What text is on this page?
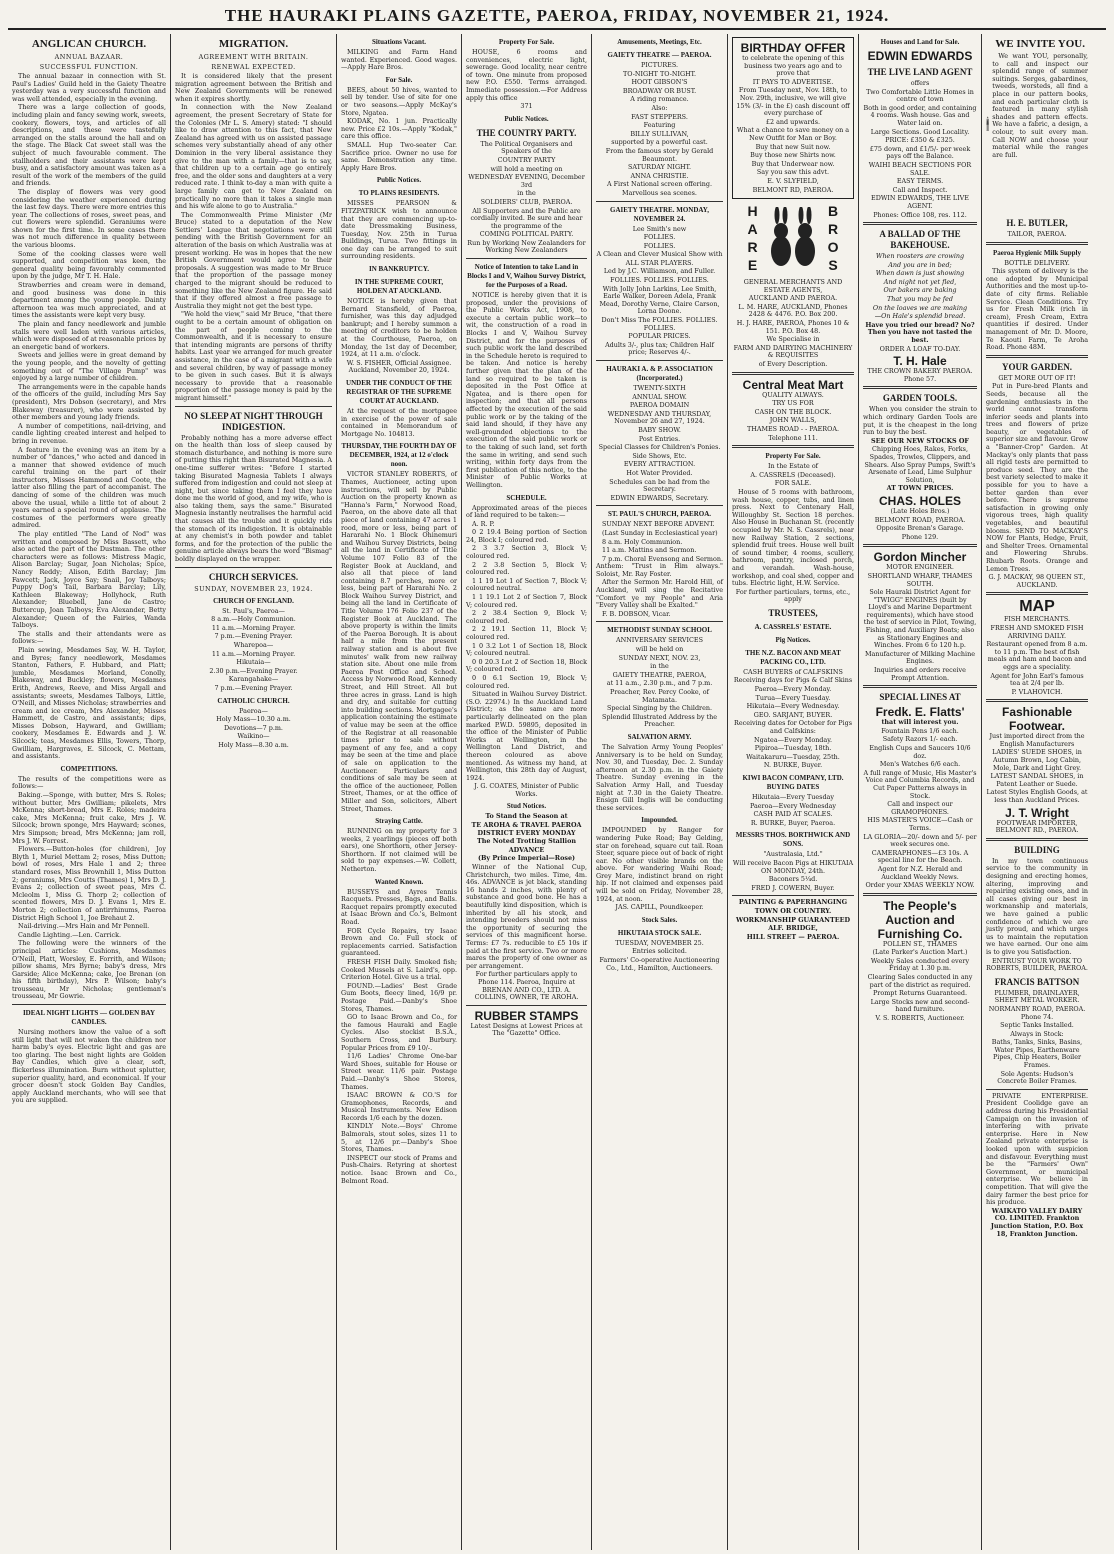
THE HAURAKI PLAINS GAZETTE, PAEROA, FRIDAY, NOVEMBER 21, 1924.
ANGLICAN CHURCH.
ANNUAL BAZAAR.
SUCCESSFUL FUNCTION.

The annual bazaar in connection with St. Paul's Ladies' Guild held in the Gaiety Theatre yesterday was a very successful function and was well attended, especially in the evening.

There was a large collection of goods, including plain and fancy sewing work, sweets, cookery, flowers, toys, and articles of all descriptions, and these were tastefully arranged on the stalls around the hall and on the stage. The Black Cat sweet stall was the subject of much favourable comment. The stallholders and their assistants were kept busy, and a satisfactory amount was taken as a result of the work of the members of the guild and friends.

The display of flowers was very good considering the weather experienced during the last few days. There were more entries this year. The collections of roses, sweet peas, and cut flowers were splendid. Geraniums were shown for the first time. In some cases there was not much difference in quality between the various blooms.

Some of the cooking classes were well supported, and competition was keen, the general quality being favourably commented upon by the judge, Mr T. H. Hale.

Strawberries and cream were in demand, and good business was done in this department among the young people. Dainty afternoon tea was much appreciated, and at times the assistants were kept very busy.

The plain and fancy needlework and jumble stalls were well laden with various articles, which were disposed of at reasonable prices by an energetic band of workers.

Sweets and jellies were in great demand by the young people, and the novelty of getting something out of "The Village Pump" was enjoyed by a large number of children.

The arrangements were in the capable hands of the officers of the guild, including Mrs Say (president), Mrs Dobson (secretary), and Mrs Blakeway (treasurer), who were assisted by other members and young lady friends.

A number of competitions, nail-driving, and candle lighting created interest and helped to bring in revenue.

A feature in the evening was an item by a number of "dances," who acted and danced in a manner that showed evidence of much careful training on the part of their instructors, Misses Hammond and Coote, the latter also filling the part of accompanist. The dancing of some of the children was much above the usual, while a little tot of about 2 years earned a special round of applause. The costumes of the performers were greatly admired.

The play entitled "The Land of Nod" was written and composed by Miss Bassett, who also acted the part of the Dustman. The other characters were as follows: Mistress Magic, Alison Barclay; Sugar, Joan Nicholas; Spice, Nancy Reddy; Alison, Edith Barclay; Jim Fawcett; Jack, Joyce Say; Snail, Joy Talboys; Puppy Dog's Tail, Barbara Barclay; Lily, Kathleen Blakeway; Hollyhock, Ruth Alexander; Bluebell, Jane de Castro; Buttercup, Joan Talboys; Eva Alexander, Betty Alexander; Queen of the Fairies, Wanda Talboys.

The stalls and their attendants were as follows:—

Plain sewing, Mesdames Say, W. H. Taylor, and Byres; fancy needlework, Mesdames Stanton, Fathers, F. Hubbard, and Platt; jumble, Mesdames Morland, Conolly, Blakeway, and Buckley; flowers, Mesdames Erith, Andrews, Reeve, and Miss Argall and assistants; sweets, Mesdames Talboys, Little, O'Neill, and Misses Nicholas; strawberries and cream and ice cream, Mrs Alexander, Misses Hammett, de Castro, and assistants; dips, Misses Dobson, Hayward, and Gwilliam; cookery, Mesdames E. Edwards and J. W. Silcock; teas, Mesdames Ellis, Towers, Thorp, Gwilliam, Hargraves, E. Silcock, C. Mettam, and assistants.

COMPETITIONS.

The results of the competitions were as follows:—

Baking.—Sponge, with butter, Mrs S. Roles; without butter, Mrs Gwilliam; pikelets, Mrs McKenna; short-bread, Mrs E. Roles; madeira cake, Mrs McKenna; fruit cake, Mrs J. W. Silcock; brown sponge, Mrs Hayward; scones, Mrs Simpson; bread, Mrs McKenna; jam roll, Mrs J. W. Forrest.

Flowers.—Button-holes (for children), Joy Blyth 1, Muriel Mettam 2; roses, Miss Dutton; bowl of roses, Mrs Hale 1 and 2; three standard roses, Miss Brownhill 1, Miss Dutton 2; geraniums, Mrs Coutts (Thames) 1, Mrs D. J. Evans 2; collection of sweet peas, Mrs C. Mcleolm 1, Miss G. Thorp 2; collection of scented flowers, Mrs D. J. Evans 1, Mrs E. Morton 2; collection of antirrhinums, Paeroa District High School 1, Joe Brehaut 2.

Nail-driving.—Mrs Hain and Mr Pennell.

Candle Lighting.—Len. Carrick.

The following were the winners of the principal articles: Cushions, Mesdames O'Neill, Platt, Worsley, E. Forrith, and Wilson; pillow shams, Mrs Byrne; baby's dress, Mrs Garside; Alice McKenna; cake, Joe Brenan (on his fifth birthday), Mrs P. Wilson; baby's trousseau, Mr Nicholas; gentleman's trousseau, Mr Gowrie.

IDEAL NIGHT LIGHTS — GOLDEN BAY CANDLES.

Nursing mothers know the value of a soft still light that will not waken the children nor harm baby's eyes. Electric light and gas are too glaring. The best night lights are Golden Bay Candles, which give a clear, soft, flickerless illumination. Burn without splutter, superior quality, hard, and economical. If your grocer doesn't stock Golden Bay Candles, apply Auckland merchants, who will see that you are supplied.

MIGRATION.
AGREEMENT WITH BRITAIN.
RENEWAL EXPECTED.

It is considered likely that the present migration agreement between the British and New Zealand Governments will be renewed when it expires shortly.

In connection with the New Zealand agreement, the present Secretary of State for the Colonies (Mr L. S. Amery) stated: "I should like to draw attention to this fact, that New Zealand has agreed with us on assisted passage schemes very substantially ahead of any other Dominion in the very liberal assistance they give to the man with a family—that is to say, that children up to a certain age go entirely free, and the older sons and daughters at a very reduced rate. I think to-day a man with quite a large family can get to New Zealand on practically no more than it takes a single man and his wife alone to go to Australia."

The Commonwealth Prime Minister (Mr Bruce) stated to a deputation of the New Settlers' League that negotiations were still pending with the British Government for an alteration of the basis on which Australia was at present working. He was in hopes that the new British Government would agree to their proposals. A suggestion was made to Mr Bruce that the proportion of the passage money charged to the migrant should be reduced to something like the New Zealand figure. He said that if they offered almost a free passage to Australia they might not get the best type.

"We hold the view," said Mr Bruce, "that there ought to be a certain amount of obligation on the part of people coming to the Commonwealth, and it is necessary to ensure that intending migrants are persons of thrifty habits. Last year we arranged for much greater assistance, in the case of a migrant with a wife and several children, by way of passage money to be given in such cases. But it is always necessary to provide that a reasonable proportion of the passage money is paid by the migrant himself."

NO SLEEP AT NIGHT THROUGH INDIGESTION.

Probably nothing has a more adverse effect on the health than loss of sleep caused by stomach disturbance, and nothing is more sure of putting this right than Bisurated Magnesia. A one-time sufferer writes: "Before I started taking Bisurated Magnesia Tablets I always suffered from indigestion and could not sleep at night, but since taking them I feel they have done me the world of good, and my wife, who is also taking them, says the same." Bisurated Magnesia instantly neutralises the harmful acid that causes all the trouble and it quickly rids the stomach of its indigestion. It is obtainable at any chemist's in both powder and tablet forms, and for the protection of the public the genuine article always bears the word "Bismag" boldly displayed on the wrapper.

CHURCH SERVICES.
SUNDAY, NOVEMBER 23, 1924.
CHURCH OF ENGLAND.

St. Paul's, Paeroa—

8 a.m.—Holy Communion.

11 a.m.—Morning Prayer.

7 p.m.—Evening Prayer.

Wharepoa—

11 a.m.—Morning Prayer.

Hikutaia—

2.30 p.m.—Evening Prayer.

Karangahake—

7 p.m.—Evening Prayer.

CATHOLIC CHURCH.

Paeroa—

Holy Mass—10.30 a.m.

Devotions—7 p.m.

Waikino—

Holy Mass—8.30 a.m.

Situations Vacant.

MILKING and Farm Hand wanted. Experienced. Good wages.—Apply Hare Bros.

For Sale.

BEES, about 50 hives, wanted to sell by tender. Use of site for one or two seasons.—Apply McKay's Store, Ngatea.

KODAK, No. 1 jun. Practically new. Price £2 10s.—Apply "Kodak," care this office.

SMALL Hup Two-seater Car. Sacrifice price. Owner no use for same. Demonstration any time. Apply Hare Bros.

Public Notices.
TO PLAINS RESIDENTS.

MISSES PEARSON & FITZPATRICK wish to announce that they are commencing up-to-date Dressmaking Business, Tuesday, Nov. 25th in Turua Buildings, Turua. Two fittings in one day can be arranged to suit surrounding residents.

IN BANKRUPTCY.
IN THE SUPREME COURT, HOLDEN AT AUCKLAND.

NOTICE is hereby given that Bernard Stansfield, of Paeroa, furnisher, was this day adjudged bankrupt; and I hereby summon a meeting of creditors to be holden at the Courthouse, Paeroa, on Monday, the 1st day of December, 1924, at 11 a.m. o'clock.

W. S. FISHER, Official Assignee. Auckland, November 20, 1924.

UNDER THE CONDUCT OF THE REGISTRAR OF THE SUPREME COURT AT AUCKLAND.

At the request of the mortgagee in exercise of the power of sale contained in Memorandum of Mortgage No. 104813.

THURSDAY, THE FOURTH DAY OF DECEMBER, 1924, at 12 o'clock noon.

VICTOR STANLEY ROBERTS, of Thames, Auctioneer, acting upon instructions, will sell by Public Auction on the property known as "Hanna's Farm," Norwood Road, Paeroa, on the above date all that piece of land containing 47 acres 1 rood, more or less, being part of Hararahi No. 1 Block Ohinemuri and Waihou Survey Districts, being all the land in Certificate of Title Volume 107 Folio 83 of the Register Book at Auckland, and also all that piece of land containing 8.7 perches, more or less, being part of Hararahi No. 2 Block Waihou Survey District, and being all the land in Certificate of Title Volume 176 Folio 237 of the Register Book at Auckland. The above property is within the limits of the Paeroa Borough. It is about half a mile from the present railway station and is about five minutes' walk from new railway station site. About one mile from Paeroa Post Office and School. Access by Norwood Road, Kennedy Street, and Hill Street. All but three acres in grass. Land is high and dry, and suitable for cutting into building sections. Mortgagee's application containing the estimate of value may be seen at the office of the Registrar at all reasonable times prior to sale without payment of any fee, and a copy may be seen at the time and place of sale on application to the Auctioneer. Particulars and conditions of sale may be seen at the office of the auctioneer, Pollen Street, Thames, or at the office of Miller and Son, solicitors, Albert Street, Thames.

Straying Cattle.

RUNNING on my property for 3 weeks, 2 yearlings (pieces off both ears), one Shorthorn, other Jersey-Shorthorn. If not claimed will be sold to pay expenses.—W. Collett, Netherton.

Wanted Known.

BUSSEYS and Ayres Tennis Racquets. Presses, Bags, and Balls. Racquet repairs promptly executed at Isaac Brown and Co.'s, Belmont Road.

FOR Cycle Repairs, try Isaac Brown and Co. Full stock of replacements carried. Satisfaction guaranteed.

FRESH FISH Daily. Smoked fish; Cooked Mussels at S. Laird's, opp. Criterion Hotel. Give us a trial.

FOUND.—Ladies' Best Grade Gum Boots, fleecy lined, 16/9 pr. Postage Paid.—Danby's Shoe Stores, Thames.

GO to Isaac Brown and Co., for the famous Hauraki and Eagle Cycles. Also stockist B.S.A., Southern Cross, and Burbury. Popular Prices from £9 10/-.

11/6 Ladies' Chrome One-bar Ward Shoes, suitable for House or Street wear. 11/6 pair. Postage Paid.—Danby's Shoe Stores, Thames.

ISAAC BROWN & CO.'S for Gramophones, Records, and Musical Instruments. New Edison Records 1/6 each by the dozen.

KINDLY Note.—Boys' Chrome Balmorals, stout soles, sizes 11 to 5, at 12/6 pr.—Danby's Shoe Stores, Thames.

INSPECT our stock of Prams and Push-Chairs. Retyring at shortest notice. Isaac Brown and Co., Belmont Road.

Property For Sale.

HOUSE, 6 rooms and conveniences, electric light, sewerage. Good locality, near centre of town. One minute from proposed new P.O. £550. Terms arranged. Immediate possession.—For Address apply this office

371

Public Notices.
THE COUNTRY PARTY.

The Political Organisers and Speakers of the

COUNTRY PARTY

will hold a meeting on

WEDNESDAY EVENING, December 3rd

in the

SOLDIERS' CLUB, PAEROA.

All Supporters and the Public are cordially invited. Be sure and hear the programme of the

COMING POLITICAL PARTY.

Run by Working New Zealanders for Working New Zealanders

Notice of Intention to take Land in Blocks I and V, Waihou Survey District, for the Purposes of a Road.

NOTICE is hereby given that it is proposed, under the provisions of the Public Works Act, 1908, to execute a certain public work—to wit, the construction of a road in Blocks I and V, Waihou Survey District, and for the purposes of such public work the land described in the Schedule hereto is required to be taken. And notice is hereby further given that the plan of the land so required to be taken is deposited in the Post Office at Ngatea, and is there open for inspection; and that all persons affected by the execution of the said public work or by the taking of the said land should, if they have any well-grounded objections to the execution of the said public work or to the taking of such land, set forth the same in writing, and send such writing, within forty days from the first publication of this notice, to the Minister of Public Works at Wellington.

SCHEDULE.

Approximated areas of the pieces of land required to be taken:—

A. R. P.

0 2 19.4 Being portion of Section 24, Block I; coloured red.

2 3 3.7 Section 3, Block V; coloured red.

2 2 3.8 Section 5, Block V; coloured red.

1 1 19 Lot 1 of Section 7, Block V; coloured neutral.

1 1 19.1 Lot 2 of Section 7, Block V; coloured red.

2 2 38.4 Section 9, Block V; coloured red.

2 2 19.1 Section 11, Block V; coloured red.

1 0 3.2 Lot 1 of Section 18, Block V; coloured neutral.

0 0 20.3 Lot 2 of Section 18, Block V; coloured red.

0 0 6.1 Section 19, Block V; coloured red.

Situated in Waihou Survey District. (S.O. 22974.) In the Auckland Land District; as the same are more particularly delineated on the plan marked P.W.D. 59895, deposited in the office of the Minister of Public Works at Wellington, in the Wellington Land District, and thereon coloured as above mentioned. As witness my hand, at Wellington, this 28th day of August, 1924.

J. G. COATES, Minister of Public Works.

Stud Notices.

To Stand the Season at

TE AROHA & TRAVEL PAEROA DISTRICT EVERY MONDAY

The Noted Trotting Stallion

ADVANCE

(By Prince Imperial—Rose)

Winner of the National Cup, Christchurch, two miles. Time, 4m. 46s. ADVANCE is jet black, standing 16 hands 2 inches, with plenty of substance and good bone. He has a beautifully kind disposition, which is inherited by all his stock, and intending breeders should not miss the opportunity of securing the services of this magnificent horse. Terms: £7 7s. reducible to £5 10s if paid at the first service. Two or more mares the property of one owner as per arrangement.

For further particulars apply to Phone 114. Paeroa, Inquire at BRENAN AND CO., LTD. A. COLLINS, OWNER, TE AROHA.

RUBBER STAMPS

Latest Designs at Lowest Prices at The "Gazette" Office.

Amusements, Meetings, Etc.
GAIETY THEATRE — PAEROA.

PICTURES.

TO-NIGHT TO-NIGHT.

HOOT GIBSON'S

BROADWAY OR BUST.

A riding romance.

Also:

FAST STEPPERS.

Featuring

BILLY SULLIVAN,

supported by a powerful cast.

From the famous story by Gerald Beaumont.

SATURDAY NIGHT.

ANNA CHRISTIE.

A First National screen offering.

Marvellous sea scenes.

GAIETY THEATRE. MONDAY, NOVEMBER 24.

Lee Smith's new

FOLLIES.

FOLLIES.

A Clean and Clever Musical Show with

ALL STAR PLAYERS.

Led by J.C. Williamson, and Fuller.

FOLLIES. FOLLIES. FOLLIES.

With Jolly John Larkins, Lee Smith, Earle Walker, Doreen Adela, Frank Mead, Dorothy Verne, Claire Carson, Lorna Doone.

Don't Miss The FOLLIES. FOLLIES. FOLLIES.

POPULAR PRICES.

Adults 3/-, plus tax; Children Half price; Reserves 4/-.

HAURAKI A. & P. ASSOCIATION (Incorporated.)

TWENTY-SIXTH

ANNUAL SHOW.

PAEROA DOMAIN

WEDNESDAY AND THURSDAY, November 26 and 27, 1924.

BABY SHOW.

Post Entries.

Special Classes for Children's Ponies.

Side Shows, Etc.

EVERY ATTRACTION.

Hot Water Provided.

Schedules can be had from the Secretary.

EDWIN EDWARDS, Secretary.

ST. PAUL'S CHURCH, PAEROA.

SUNDAY NEXT BEFORE ADVENT.

(Last Sunday in Ecclesiastical year)

8 a.m. Holy Communion.

11 a.m. Mattins and Sermon.

7 p.m. Choral Evensong and Sermon. Anthem: "Trust in Him always." Soloist, Mr. Ray Foster.

After the Sermon Mr. Harold Hill, of Auckland, will sing the Recitative "Comfort ye my People" and Aria "Every Valley shall be Exalted."

F. B. DOBSON, Vicar.

METHODIST SUNDAY SCHOOL

ANNIVERSARY SERVICES

will be held on

SUNDAY NEXT, NOV. 23,

in the

GAIETY THEATRE, PAEROA,

at 11 a.m., 2.30 p.m., and 7 p.m.

Preacher, Rev. Percy Cooke, of Matamata.

Special Singing by the Children.

Splendid Illustrated Address by the Preacher.

SALVATION ARMY.

The Salvation Army Young Peoples' Anniversary is to be held on Sunday, Nov. 30, and Tuesday, Dec. 2. Sunday afternoon at 2.30 p.m. in the Gaiety Theatre. Sunday evening in the Salvation Army Hall, and Tuesday night at 7.30 in the Gaiety Theatre. Ensign Gill Inglis will be conducting these services.

Impounded.

IMPOUNDED by Ranger for wandering Puke Road; Bay Gelding, star on forehead, square cut tail. Roan Steer, square piece out of back of right ear. No other visible brands on the above. For wandering Waihi Road; Grey Mare, indistinct brand on right hip. If not claimed and expenses paid will be sold on Friday, November 28, 1924, at noon.

JAS. CAPILL, Poundkeeper.

Stock Sales.
HIKUTAIA STOCK SALE.

TUESDAY, NOVEMBER 25.

Entries solicited.

Farmers' Co-operative Auctioneering Co., Ltd., Hamilton, Auctioneers.

BIRTHDAY OFFER

to celebrate the opening of this business two years ago and to prove that

IT PAYS TO ADVERTISE.

From Tuesday next, Nov. 18th, to Nov. 29th, inclusive, we will give 15% (3/- in the £) cash discount off every purchase of

£2 and upwards.

What a chance to save money on a New Outfit for Man or Boy.

Buy that new Suit now.

Buy those new Shirts now.

Buy that Underwear now.

Say you saw this advt.

E. V. SLYFIELD,

BELMONT RD, PAEROA.

H

A

R

E

B

R

O

S

GENERAL MERCHANTS AND ESTATE AGENTS,

AUCKLAND AND PAEROA.

L. M. HARE, AUCKLAND, Phones 2428 & 4476. P.O. Box 200.

H. J. HARE, PAEROA, Phones 10 & 151. P.O. Box 48.

We Specialise in

FARM AND DAIRYING MACHINERY & REQUISITES

of Every Description.

Central Meat Mart

QUALITY ALWAYS.

TRY US FOR

CASH ON THE BLOCK.

JOHN WALLS,

THAMES ROAD - - PAEROA.

Telephone 111.

Property For Sale.

In the Estate of

A. CASSRELS (Deceased).

FOR SALE.

House of 5 rooms with bathroom, wash house, copper, tubs, and linen press. Next to Centenary Hall, Willoughby St. Section 18 perches. Also House in Buchanan St. (recently occupied by Mr. N. S. Cassrels), near new Railway Station, 2 sections, splendid fruit trees. House well built of sound timber, 4 rooms, scullery, bathroom, pantry, inclosed porch, and verandah. Wash-house, workshop, and coal shed, copper and tubs. Electric light, H.W. Service.

For further particulars, terms, etc., apply

TRUSTEES,
A. CASSRELS' ESTATE.
Pig Notices.
THE N.Z. BACON AND MEAT PACKING CO., LTD.

CASH BUYERS of CALFSKINS

Receiving days for Pigs & Calf Skins

Paeroa—Every Monday.

Turua—Every Tuesday.

Hikutaia—Every Wednesday.

GEO. SARJANT, BUYER.

Receiving dates for October for Pigs and Calfskins:

Ngatea—Every Monday.

Pipiroa—Tuesday, 18th.

Waitakaruru—Tuesday, 25th.

N. BURKE, Buyer.

KIWI BACON COMPANY, LTD. BUYING DATES

Hikutaia—Every Tuesday

Paeroa—Every Wednesday

CASH PAID AT SCALES.

R. BURKE, Buyer, Paeroa.

MESSRS THOS. BORTHWICK AND SONS.

"Australasia, Ltd."

Will receive Bacon Pigs at HIKUTAIA ON MONDAY, 24th.

Baconers 5¼d.

FRED J. COWERN, Buyer.

PAINTING & PAPERHANGING

TOWN OR COUNTRY.

WORKMANSHIP GUARANTEED

ALF. BRIDGE,

HILL STREET — PAEROA.

Houses and Land for Sale.
EDWIN EDWARDS
THE LIVE LAND AGENT

offers

Two Comfortable Little Homes in centre of town

Both in good order, and containing 4 rooms. Wash house. Gas and Water laid on.

Large Sections. Good Locality.

PRICE: £350 & £325.

£75 down, and £1/5/- per week pays off the Balance.

WAIHI BEACH SECTIONS FOR SALE.

EASY TERMS.

Call and Inspect.

EDWIN EDWARDS, THE LIVE AGENT.

Phones: Office 108, res. 112.

A BALLAD OF THE BAKEHOUSE.

When roosters are crowing

And you are in bed;

When dawn is just showing

And night not yet fled,

Our bakers are baking

That you may be fed

On the loaves we are making

—On Hale's splendid bread.

Have you tried our bread? No? Then you have not tasted the best.

ORDER A LOAF TO-DAY.

T. H. Hale

THE CROWN BAKERY PAEROA. Phone 57.

GARDEN TOOLS.

When you consider the strain to which ordinary Garden Tools are put, it is the cheapest in the long run to buy the best.

SEE OUR NEW STOCKS OF

Chipping Hoes, Rakes, Forks, Spades, Trowles, Clippers, and Shears. Also Spray Pumps, Swift's Arsenate of Lead, Lime Sulphur Solution,

AT TOWN PRICES.

CHAS. HOLES

(Late Holes Bros.)

BELMONT ROAD, PAEROA.

Opposite Brenan's Garage.

Phone 129.

Gordon Mincher

MOTOR ENGINEER.

SHORTLAND WHARF, THAMES SOUTH.

Sole Hauraki District Agent for "TWIGG" ENGINES (built by Lloyd's and Marine Department requirements), which have stood the test of service in Pilot, Towing, Fishing, and Auxiliary Boats; also as Stationary Engines and Winches. From 6 to 120 h.p.

Manufacturer of Milking Machine Engines.

Inquiries and orders receive Prompt Attention.

SPECIAL LINES AT
Fredk. E. Flatts'

that will interest you.

Fountain Pens 1/6 each.

Safety Razors 1/- each.

English Cups and Saucers 10/6 doz.

Men's Watches 6/6 each.

A full range of Music, His Master's Voice and Columbia Records, and Cut Paper Patterns always in Stock.

Call and inspect our GRAMOPHONES.

HIS MASTER'S VOICE—Cash or Terms.

LA GLORIA—20/- down and 5/- per week secures one.

CAMERAPHONES—£3 10s. A special line for the Beach.

Agent for N.Z. Herald and Auckland Weekly News.

Order your XMAS WEEKLY NOW.

The People's Auction and Furnishing Co.

POLLEN ST., THAMES

(Late Parker's Auction Mart.)

Weekly Sales conducted every Friday at 1.30 p.m.

Clearing Sales conducted in any part of the district as required.

Prompt Returns Guaranteed.

Large Stocks new and second-hand furniture.

V. S. ROBERTS, Auctioneer.

WE INVITE YOU.

We want YOU, personally, to call and inspect our splendid range of summer suitings. Serges, gabardines, tweeds, worsteds, all find a place in our pattern books, and each particular cloth is featured in many stylish shades and pattern effects. We have a fabric, a design, a colour, to suit every man. Call NOW and choose your material while the ranges are full.

H. E. BUTLER,

TAILOR, PAEROA.

Paeroa Hygienic Milk Supply

BOTTLE DELIVERY.

This system of delivery is the one adopted by Municipal Authorities and the most up-to-date of city firms. Reliable Service. Clean Conditions. Try us for Fresh Milk (rich in cream), Fresh Cream, Extra quantities if desired. Under management of Mr. D. Moore, Te Kaouti Farm, Te Aroha Road. Phone 48M.

YOUR GARDEN.

GET MORE OUT OF IT!

Put in Pure-bred Plants and Seeds, because all the gardening enthusiasts in the world cannot transform inferior seeds and plants into trees and flowers of prize beauty, or vegetables of superior size and flavour. Grow a "Banner-Crop" Garden. At Mackay's only plants that pass all rigid tests are permitted to produce seed. They are the best variety selected to make it possible for you to have a better garden than ever before. There is supreme satisfaction in growing only vigorous trees, high quality vegetables, and beautiful blooms. SEND TO MACKAY'S NOW for Plants, Hedge, Fruit, and Shelter Trees. Ornamental and Flowering Shrubs. Rhubarb Roots. Orange and Lemon Trees.

G. J. MACKAY, 98 QUEEN ST., AUCKLAND.

MAP

FISH MERCHANTS.

FRESH AND SMOKED FISH ARRIVING DAILY.

Restaurant opened from 8 a.m. to 11 p.m. The best of fish meals and ham and bacon and eggs are a speciality.

Agent for John Earl's famous tea at 2/4 per lb.

P. VLAHOVICH.

Fashionable Footwear.

Just imported direct from the English Manufacturers

LADIES' SUEDE SHOES, in Autumn Brown, Log Cabin, Mole, Dark and Light Grey.

LATEST SANDAL SHOES, in Patent Leather or Suede.

Latest Styles English Goods, at less than Auckland Prices.

J. T. Wright

FOOTWEAR IMPORTER, BELMONT RD., PAEROA.

BUILDING

In my town continuous service to the community in designing and erecting homes, altering, improving and repairing existing ones, and in all cases giving our best in workmanship and materials, we have gained a public confidence of which we are justly proud, and which urges us to maintain the reputation we have earned. Our one aim is to give you Satisfaction.

ENTRUST YOUR WORK TO ROBERTS, BUILDER, PAEROA.

FRANCIS BATTSON

PLUMBER, DRAINLAYER, SHEET METAL WORKER.

NORMANBY ROAD, PAEROA. Phone 74.

Septic Tanks Installed.

Always in Stock:

Baths, Tanks, Sinks, Basins, Water Pipes, Earthenware Pipes, Chip Heaters, Boiler Frames.

Sole Agents: Hudson's Concrete Boiler Frames.

PRIVATE ENTERPRISE. President Coolidge gave an address during his Presidential Campaign on the invasion of interfering with private enterprise. Here in New Zealand private enterprise is looked upon with suspicion and disfavour. Everything must be the "Farmers' Own" Government, or municipal enterprise. We believe in competition. That will give the dairy farmer the best price for his produce.

WAIKATO VALLEY DAIRY CO. LIMITED. Frankton Junction Station, P.O. Box 18, Frankton Junction.
